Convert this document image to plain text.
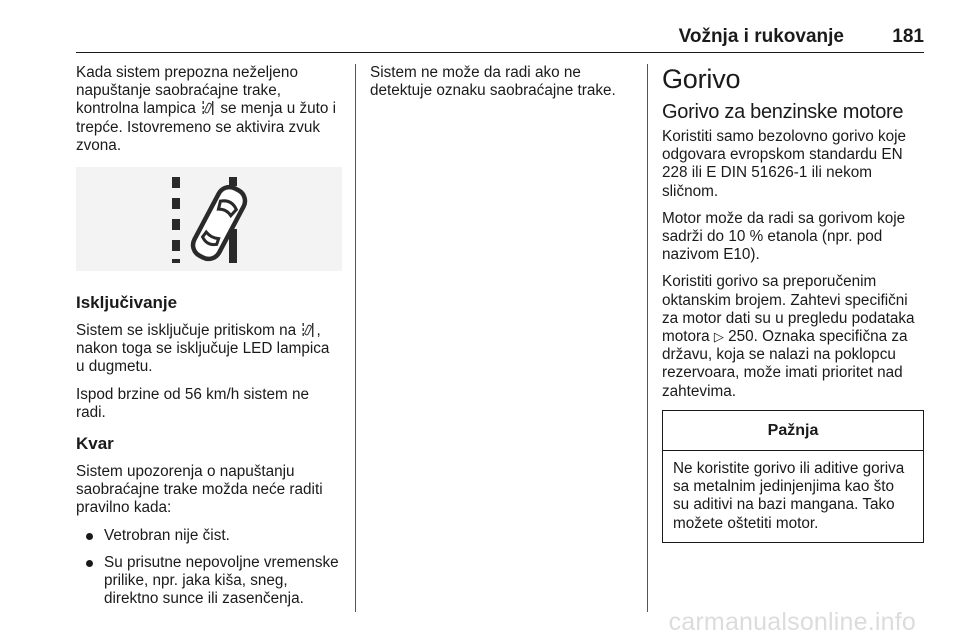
Vožnja i rukovanje	181

Kada sistem prepozna neželjeno napuštanje saobraćajne trake, kontrolna lampica se menja u žuto i trepće. Istovremeno se aktivira zvuk zvona.

Isključivanje

Sistem se isključuje pritiskom na , nakon toga se isključuje LED lampica u dugmetu.

Ispod brzine od 56 km/h sistem ne radi.

Kvar

Sistem upozorenja o napuštanju saobraćajne trake možda neće raditi pravilno kada:

Vetrobran nije čist.
Su prisutne nepovoljne vremenske prilike, npr. jaka kiša, sneg, direktno sunce ili zasenčenja.

Sistem ne može da radi ako ne detektuje oznaku saobraćajne trake.	Gorivo
Gorivo za benzinske motore

Koristiti samo bezolovno gorivo koje odgovara evropskom standardu EN 228 ili E DIN 51626-1 ili nekom sličnom.

Motor može da radi sa gorivom koje sadrži do 10 % etanola (npr. pod nazivom E10).

Koristiti gorivo sa preporučenim oktanskim brojem. Zahtevi specifični za motor dati su u pregledu podataka motora ▷ 250. Oznaka specifična za državu, koja se nalazi na poklopcu rezervoara, može imati prioritet nad zahtevima.

Pažnja
Ne koristite gorivo ili aditive goriva sa metalnim jedinjenjima kao što su aditivi na bazi mangana. Tako možete oštetiti motor.
carmanualsonline.info
